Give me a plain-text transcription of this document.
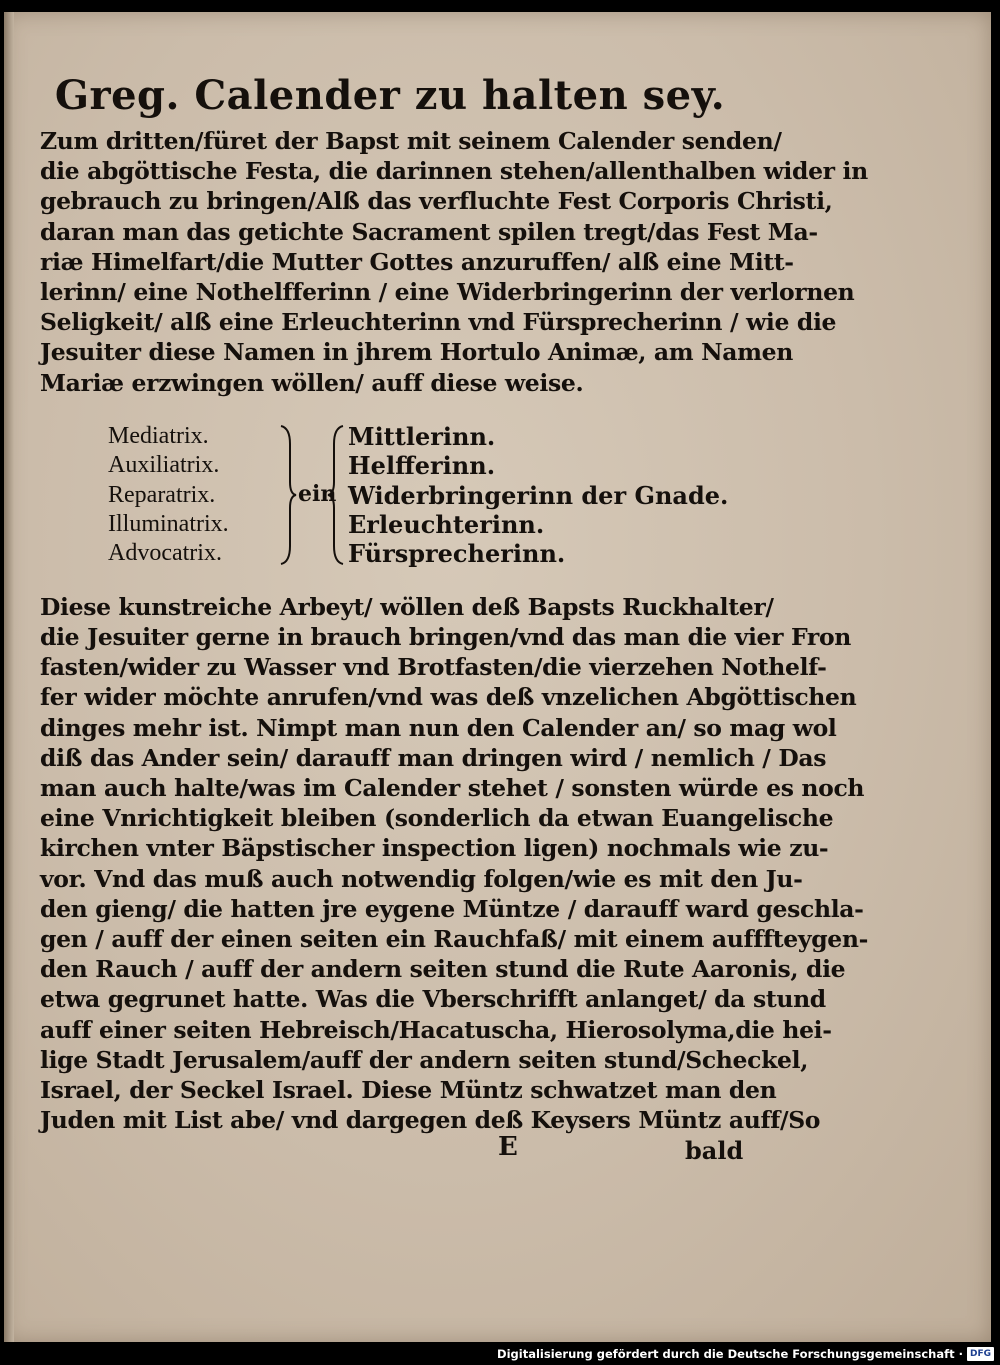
Greg. Calender zu halten sey.
Zum dritten/füret der Bapst mit seinem Calender senden/
die abgöttische Festa, die darinnen stehen/allenthalben wider in
gebrauch zu bringen/Alß das verfluchte Fest Corporis Christi,
daran man das getichte Sacrament spilen tregt/das Fest Ma-
riæ Himelfart/die Mutter Gottes anzuruffen/ alß eine Mitt-
lerinn/ eine Nothelfferinn / eine Widerbringerinn der verlornen
Seligkeit/ alß eine Erleuchterinn vnd Fürsprecherinn / wie die
Jesuiter diese Namen in jhrem Hortulo Animæ, am Namen
Mariæ erzwingen wöllen/ auff diese weise.
Mediatrix.
Auxiliatrix.
Reparatrix.
Illuminatrix.
Advocatrix.
ein
Mittlerinn.
Helfferinn.
Widerbringerinn der Gnade.
Erleuchterinn.
Fürsprecherinn.
Diese kunstreiche Arbeyt/ wöllen deß Bapsts Ruckhalter/
die Jesuiter gerne in brauch bringen/vnd das man die vier Fron
fasten/wider zu Wasser vnd Brotfasten/die vierzehen Nothelf-
fer wider möchte anrufen/vnd was deß vnzelichen Abgöttischen
dinges mehr ist. Nimpt man nun den Calender an/ so mag wol
diß das Ander sein/ darauff man dringen wird / nemlich / Das
man auch halte/was im Calender stehet / sonsten würde es noch
eine Vnrichtigkeit bleiben (sonderlich da etwan Euangelische
kirchen vnter Bäpstischer inspection ligen) nochmals wie zu-
vor. Vnd das muß auch notwendig folgen/wie es mit den Ju-
den gieng/ die hatten jre eygene Müntze / darauff ward geschla-
gen / auff der einen seiten ein Rauchfaß/ mit einem aufffteygen-
den Rauch / auff der andern seiten stund die Rute Aaronis, die
etwa gegrunet hatte. Was die Vberschrifft anlanget/ da stund
auff einer seiten Hebreisch/Hacatuscha, Hierosolyma,die hei-
lige Stadt Jerusalem/auff der andern seiten stund/Scheckel,
Israel, der Seckel Israel. Diese Müntz schwatzet man den
Juden mit List abe/ vnd dargegen deß Keysers Müntz auff/So
E	bald
Digitalisierung gefördert durch die Deutsche Forschungsgemeinschaft · DFG
